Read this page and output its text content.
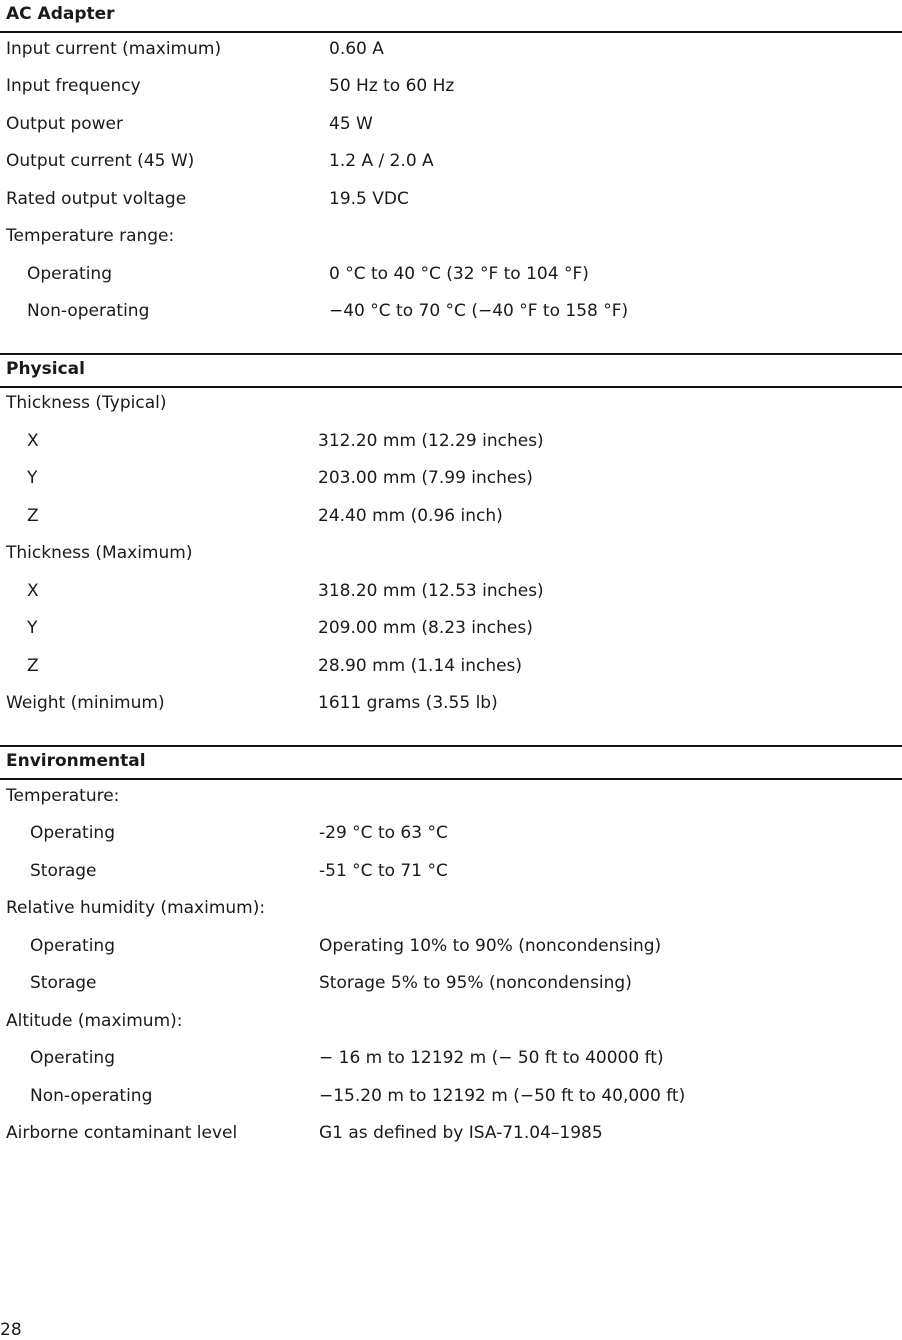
AC Adapter
Input current (maximum)	0.60 A
Input frequency	50 Hz to 60 Hz
Output power	45 W
Output current (45 W)	1.2 A / 2.0 A
Rated output voltage	19.5 VDC
Temperature range:
Operating	0 °C to 40 °C (32 °F to 104 °F)
Non-operating	−40 °C to 70 °C (−40 °F to 158 °F)
Physical
Thickness (Typical)
X	312.20 mm (12.29 inches)
Y	203.00 mm (7.99 inches)
Z	24.40 mm (0.96 inch)
Thickness (Maximum)
X	318.20 mm (12.53 inches)
Y	209.00 mm (8.23 inches)
Z	28.90 mm (1.14 inches)
Weight (minimum)	1611 grams (3.55 lb)
Environmental
Temperature:
Operating	-29 °C to 63 °C
Storage	-51 °C to 71 °C
Relative humidity (maximum):
Operating	Operating 10% to 90% (noncondensing)
Storage	Storage 5% to 95% (noncondensing)
Altitude (maximum):
Operating	− 16 m to 12192 m (− 50 ft to 40000 ft)
Non-operating	−15.20 m to 12192 m (−50 ft to 40,000 ft)
Airborne contaminant level	G1 as defined by ISA-71.04–1985
28
